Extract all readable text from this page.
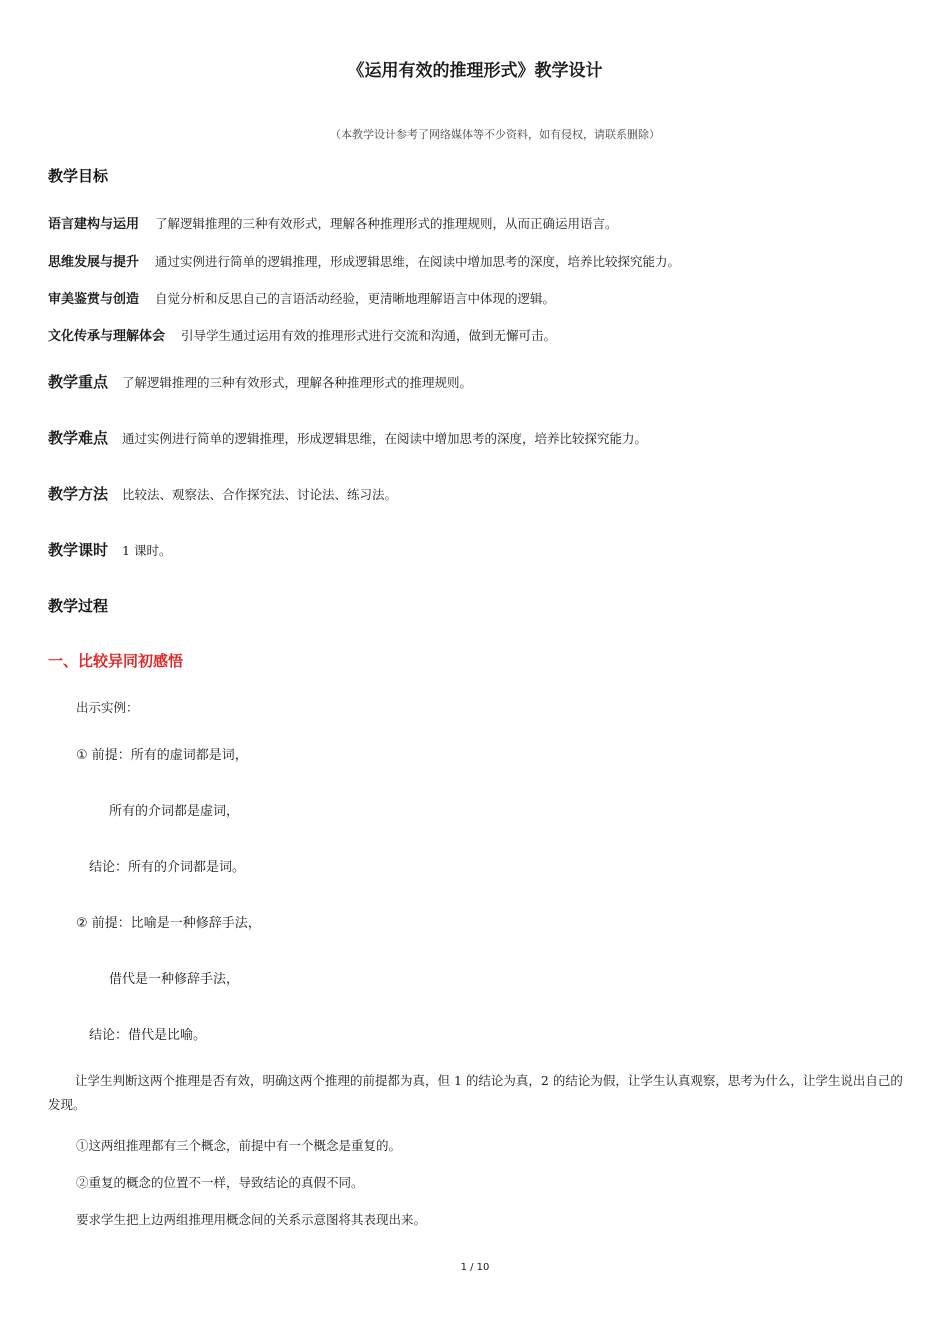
《运用有效的推理形式》教学设计
（本教学设计参考了网络媒体等不少资料，如有侵权，请联系删除）
教学目标
语言建构与运用 了解逻辑推理的三种有效形式，理解各种推理形式的推理规则，从而正确运用语言。
思维发展与提升 通过实例进行简单的逻辑推理，形成逻辑思维，在阅读中增加思考的深度，培养比较探究能力。
审美鉴赏与创造 自觉分析和反思自己的言语活动经验，更清晰地理解语言中体现的逻辑。
文化传承与理解体会 引导学生通过运用有效的推理形式进行交流和沟通，做到无懈可击。
教学重点 了解逻辑推理的三种有效形式，理解各种推理形式的推理规则。
教学难点 通过实例进行简单的逻辑推理，形成逻辑思维，在阅读中增加思考的深度，培养比较探究能力。
教学方法 比较法、观察法、合作探究法、讨论法、练习法。
教学课时 1 课时。
教学过程
一、比较异同初感悟
出示实例：
① 前提：所有的虚词都是词，
所有的介词都是虚词，
结论：所有的介词都是词。
② 前提：比喻是一种修辞手法，
借代是一种修辞手法，
结论：借代是比喻。
让学生判断这两个推理是否有效，明确这两个推理的前提都为真，但 1 的结论为真，2 的结论为假，让学生认真观察，思考为什么，让学生说出自己的发现。
①这两组推理都有三个概念，前提中有一个概念是重复的。
②重复的概念的位置不一样，导致结论的真假不同。
要求学生把上边两组推理用概念间的关系示意图将其表现出来。
1 / 10
